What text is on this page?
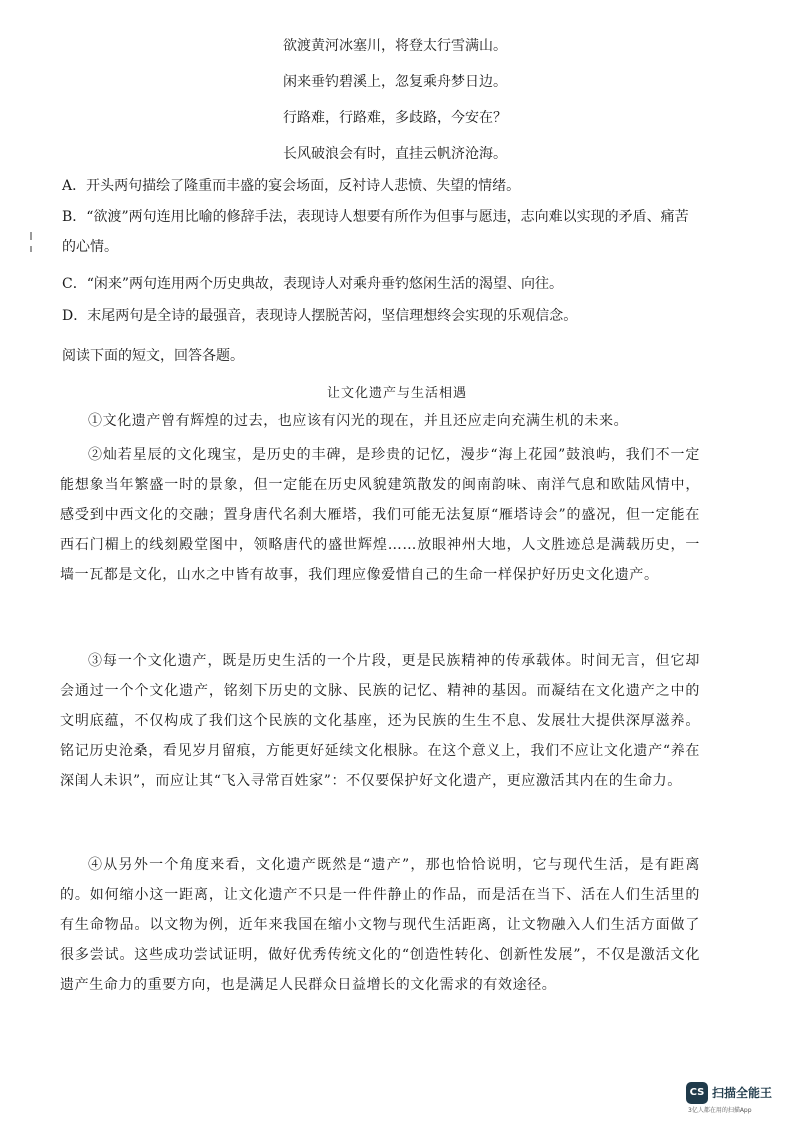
欲渡黄河冰塞川，将登太行雪满山。
闲来垂钓碧溪上，忽复乘舟梦日边。
行路难，行路难，多歧路，今安在？
长风破浪会有时，直挂云帆济沧海。

A．开头两句描绘了隆重而丰盛的宴会场面，反衬诗人悲愤、失望的情绪。

B．“欲渡”两句连用比喻的修辞手法，表现诗人想要有所作为但事与愿违，志向难以实现的矛盾、痛苦的心情。

C．“闲来”两句连用两个历史典故，表现诗人对乘舟垂钓悠闲生活的渴望、向往。

D．末尾两句是全诗的最强音，表现诗人摆脱苦闷，坚信理想终会实现的乐观信念。

阅读下面的短文，回答各题。
让文化遗产与生活相遇

①文化遗产曾有辉煌的过去，也应该有闪光的现在，并且还应走向充满生机的未来。

②灿若星辰的文化瑰宝，是历史的丰碑，是珍贵的记忆，漫步“海上花园”鼓浪屿，我们不一定能想象当年繁盛一时的景象，但一定能在历史风貌建筑散发的闽南韵味、南洋气息和欧陆风情中，感受到中西文化的交融；置身唐代名刹大雁塔，我们可能无法复原“雁塔诗会”的盛况，但一定能在西石门楣上的线刻殿堂图中，领略唐代的盛世辉煌……放眼神州大地，人文胜迹总是满载历史，一墙一瓦都是文化，山水之中皆有故事，我们理应像爱惜自己的生命一样保护好历史文化遗产。

③每一个文化遗产，既是历史生活的一个片段，更是民族精神的传承载体。时间无言，但它却会通过一个个文化遗产，铭刻下历史的文脉、民族的记忆、精神的基因。而凝结在文化遗产之中的文明底蕴，不仅构成了我们这个民族的文化基座，还为民族的生生不息、发展壮大提供深厚滋养。铭记历史沧桑，看见岁月留痕，方能更好延续文化根脉。在这个意义上，我们不应让文化遗产“养在深闺人未识”，而应让其“飞入寻常百姓家”：不仅要保护好文化遗产，更应激活其内在的生命力。

④从另外一个角度来看，文化遗产既然是“遗产”，那也恰恰说明，它与现代生活，是有距离的。如何缩小这一距离，让文化遗产不只是一件件静止的作品，而是活在当下、活在人们生活里的有生命物品。以文物为例，近年来我国在缩小文物与现代生活距离，让文物融入人们生活方面做了很多尝试。这些成功尝试证明，做好优秀传统文化的“创造性转化、创新性发展”，不仅是激活文化遗产生命力的重要方向，也是满足人民群众日益增长的文化需求的有效途径。

CS 扫描全能王
3亿人都在用的扫描App
